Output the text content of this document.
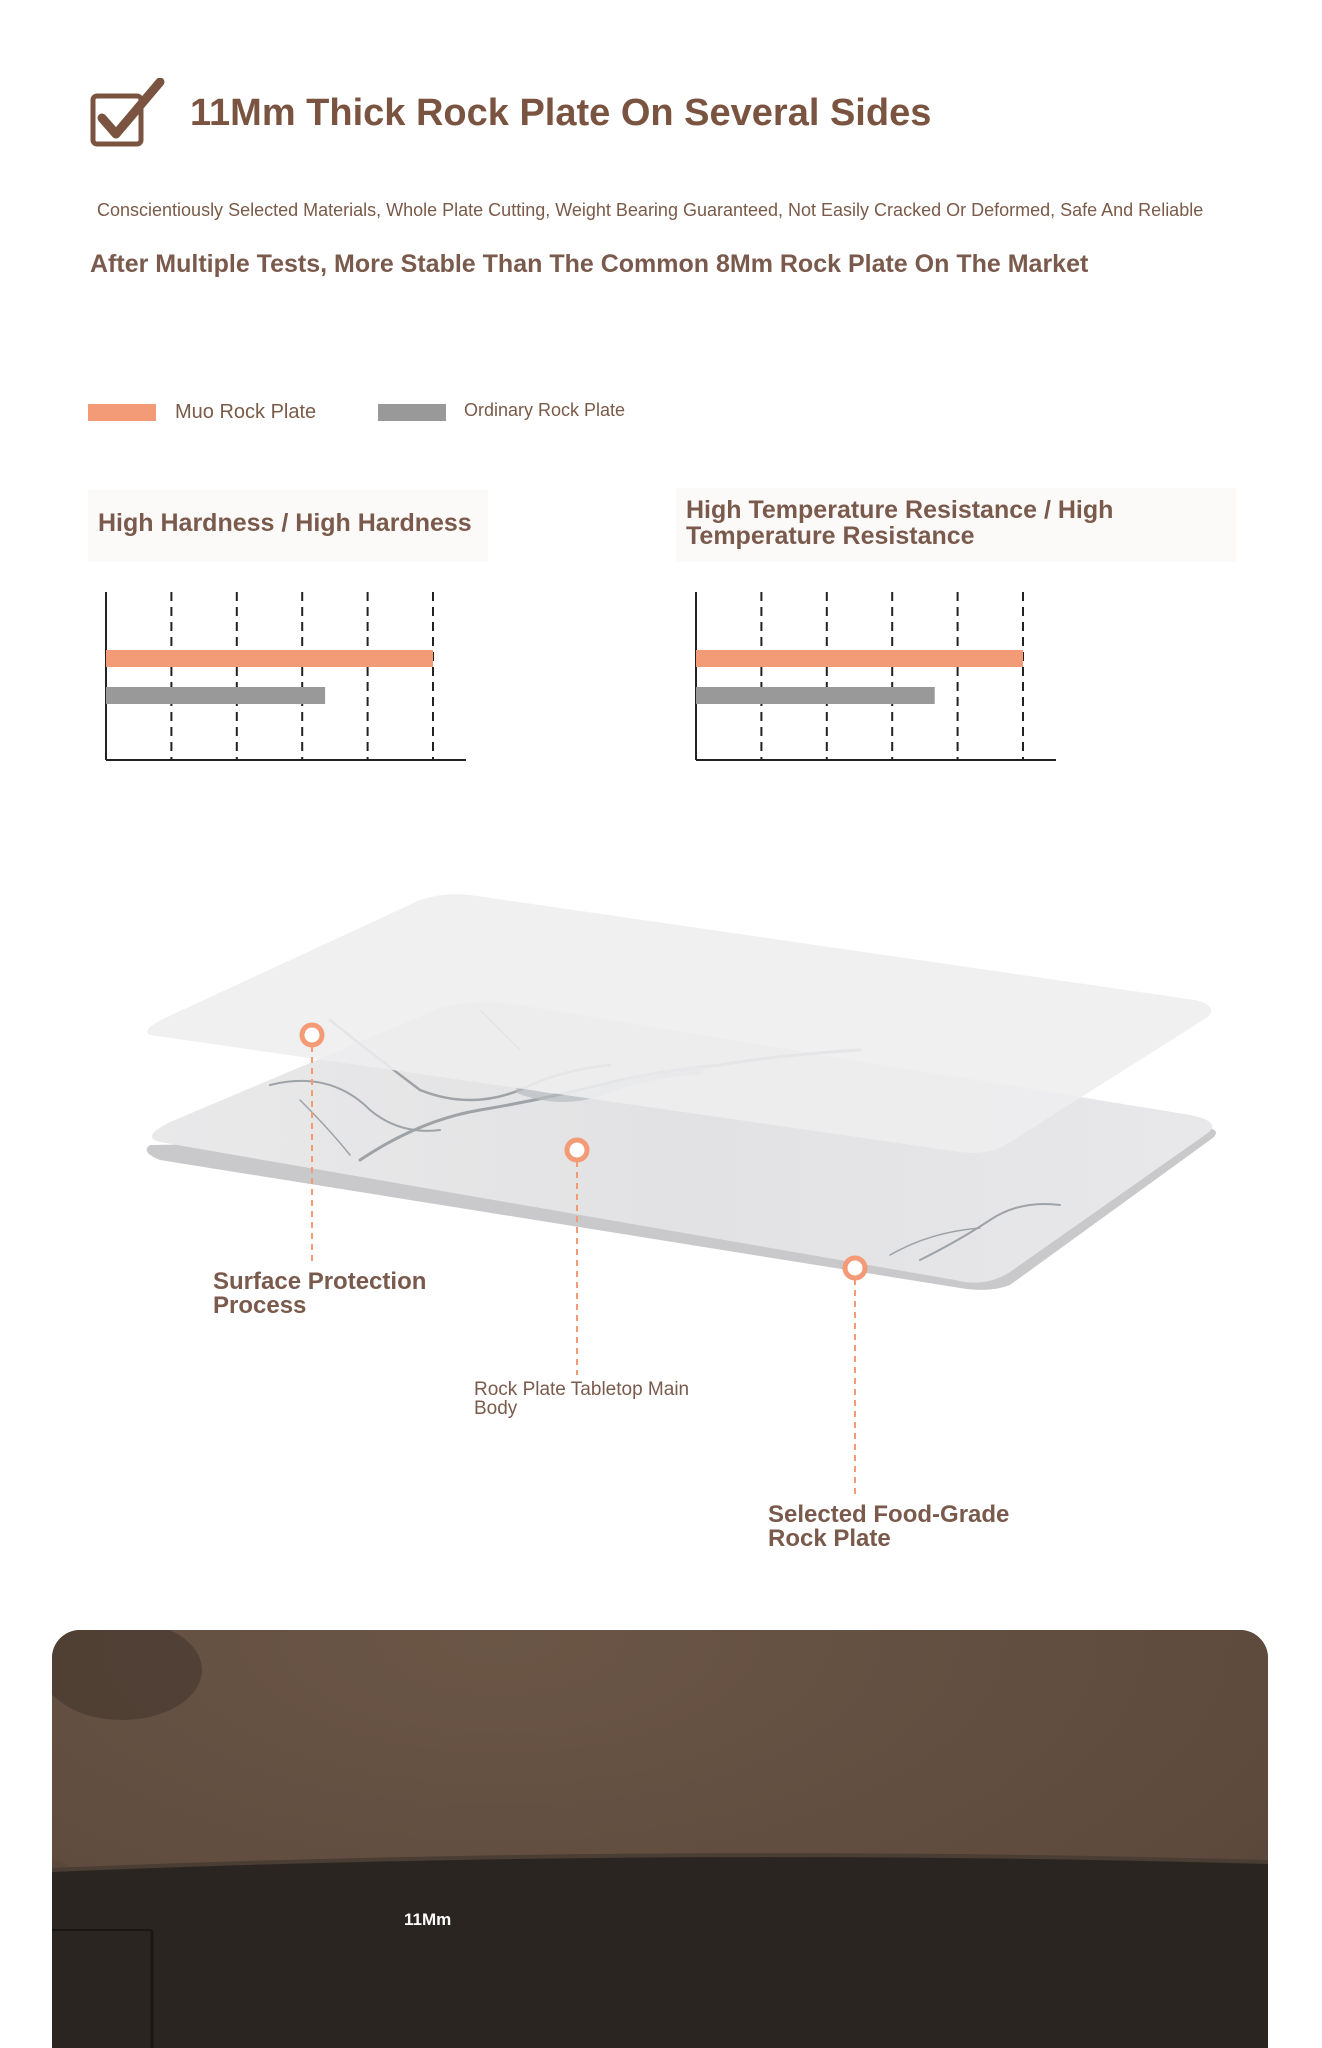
11Mm Thick Rock Plate On Several Sides
Conscientiously Selected Materials, Whole Plate Cutting, Weight Bearing Guaranteed, Not Easily Cracked Or Deformed, Safe And Reliable
After Multiple Tests, More Stable Than The Common 8Mm Rock Plate On The Market
Muo Rock Plate	Ordinary Rock Plate
High Hardness / High Hardness	High Temperature Resistance / High Temperature Resistance
Surface Protection Process
Rock Plate Tabletop Main Body
Selected Food-Grade Rock Plate
11Mm
